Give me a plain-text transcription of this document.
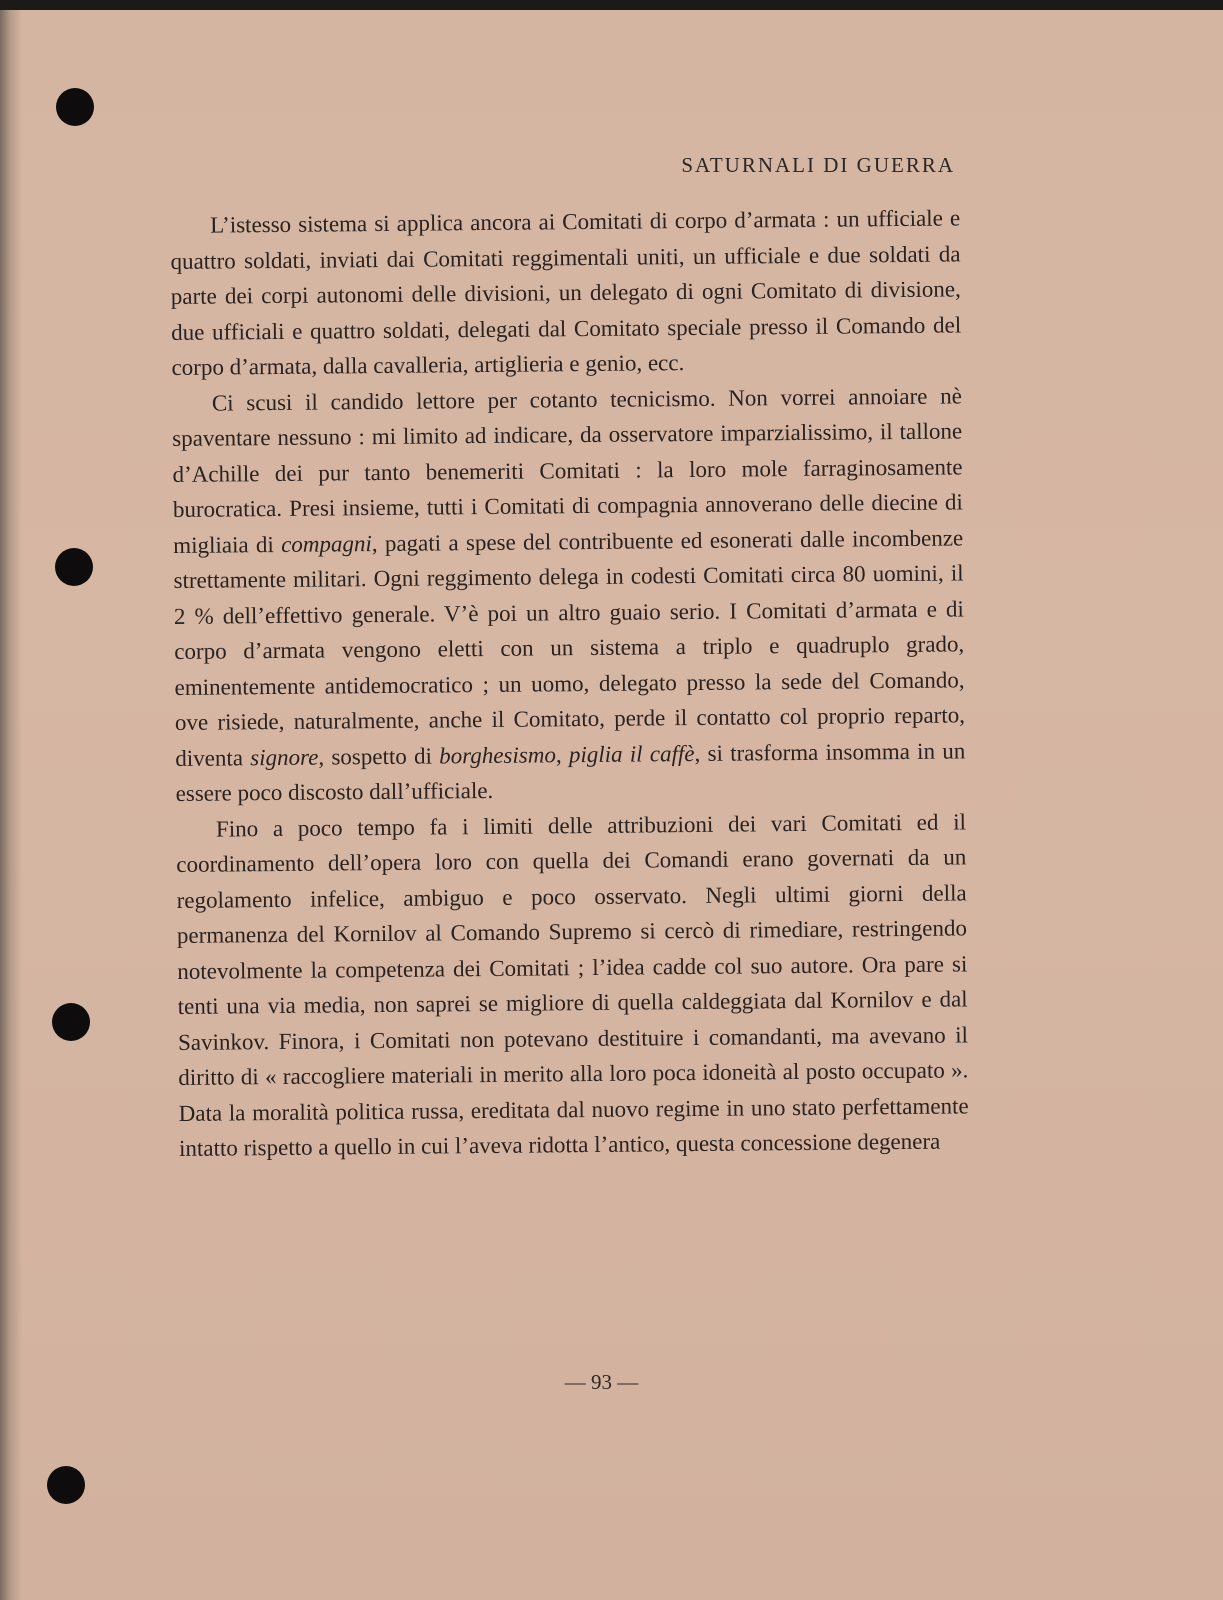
SATURNALI DI GUERRA

L’istesso sistema si applica ancora ai Comitati di corpo d’armata : un ufficiale e quattro soldati, inviati dai Comitati reggimentali uniti, un ufficiale e due soldati da parte dei corpi autonomi delle divisioni, un delegato di ogni Comitato di divisione, due ufficiali e quattro soldati, delegati dal Comitato speciale presso il Comando del corpo d’armata, dalla cavalleria, artiglieria e genio, ecc.

Ci scusi il candido lettore per cotanto tecnicismo. Non vorrei annoiare nè spaventare nessuno : mi limito ad indicare, da osservatore imparzialissimo, il tallone d’Achille dei pur tanto benemeriti Comitati : la loro mole farraginosamente burocratica. Presi insieme, tutti i Comitati di compagnia annoverano delle diecine di migliaia di compagni, pagati a spese del contribuente ed esonerati dalle incombenze strettamente militari. Ogni reggimento delega in codesti Comitati circa 80 uomini, il 2 % dell’effettivo generale. V’è poi un altro guaio serio. I Comitati d’armata e di corpo d’armata vengono eletti con un sistema a triplo e quadruplo grado, eminentemente antidemocratico ; un uomo, delegato presso la sede del Comando, ove risiede, naturalmente, anche il Comitato, perde il contatto col proprio reparto, diventa signore, sospetto di borghesismo, piglia il caffè, si trasforma insomma in un essere poco discosto dall’ufficiale.

Fino a poco tempo fa i limiti delle attribuzioni dei vari Comitati ed il coordinamento dell’opera loro con quella dei Comandi erano governati da un regolamento infelice, ambiguo e poco osservato. Negli ultimi giorni della permanenza del Kornilov al Comando Supremo si cercò di rimediare, restringendo notevolmente la competenza dei Comitati ; l’idea cadde col suo autore. Ora pare si tenti una via media, non saprei se migliore di quella caldeggiata dal Kornilov e dal Savinkov. Finora, i Comitati non potevano destituire i comandanti, ma avevano il diritto di « raccogliere materiali in merito alla loro poca idoneità al posto occupato ». Data la moralità politica russa, ereditata dal nuovo regime in uno stato perfettamente intatto rispetto a quello in cui l’aveva ridotta l’antico, questa concessione degenera

— 93 —
